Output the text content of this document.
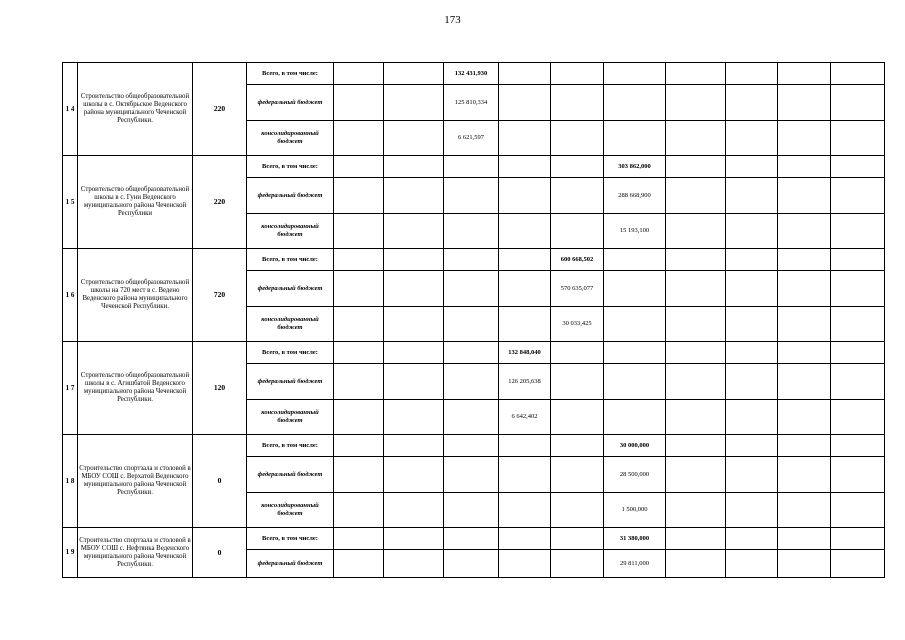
173
1 4	Строительство общеобразовательной школы в с. Октябрьское Веденского района муниципального Чеченской Республики.	220	Всего, в том числе:			132 431,930							
			федеральный бюджет			125 810,334							
			консолидированный бюджет			6 621,597							
1 5	Строительство общеобразовательной школы в с. Гуни Веденского муниципального района Чеченской Республики	220	Всего, в том числе:						303 862,000				
			федеральный бюджет						288 668,900				
			консолидированный бюджет						15 193,100				
1 6	Строительство общеобразовательной школы на 720 мест в с. Ведено Веденского района муниципального Чеченской Республики.	720	Всего, в том числе:					600 668,502					
			федеральный бюджет					570 635,077					
			консолидированный бюджет					30 033,425					
1 7	Строительство общеобразовательной школы в с. Агишбатой Веденского муниципального района Чеченской Республики.	120	Всего, в том числе:				132 848,040						
			федеральный бюджет				126 205,638						
			консолидированный бюджет				6 642,402						
1 8	Строительство спортзала и столовой в МБОУ СОШ с. Верхатой Веденского муниципального района Чеченской Республики.	0	Всего, в том числе:						30 000,000				
			федеральный бюджет						28 500,000				
			консолидированный бюджет						1 500,000				
1 9	Строительство спортзала и столовой в МБОУ СОШ с. Нефтянка Веденского муниципального района Чеченской Республики.	0	Всего, в том числе:						31 380,000				
			федеральный бюджет						29 811,000				
